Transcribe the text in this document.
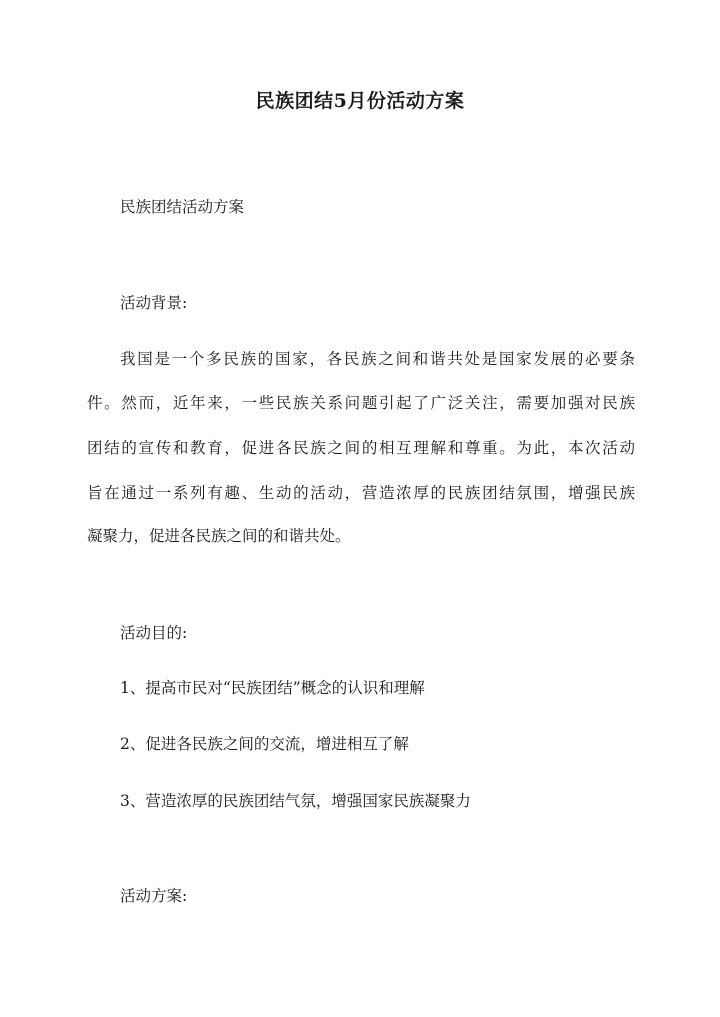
民族团结5月份活动方案
民族团结活动方案
活动背景:
我国是一个多民族的国家，各民族之间和谐共处是国家发展的必要条
件。然而，近年来，一些民族关系问题引起了广泛关注，需要加强对民族
团结的宣传和教育，促进各民族之间的相互理解和尊重。为此，本次活动
旨在通过一系列有趣、生动的活动，营造浓厚的民族团结氛围，增强民族
凝聚力，促进各民族之间的和谐共处。
活动目的:
1、提高市民对“民族团结”概念的认识和理解
2、促进各民族之间的交流，增进相互了解
3、营造浓厚的民族团结气氛，增强国家民族凝聚力
活动方案:
